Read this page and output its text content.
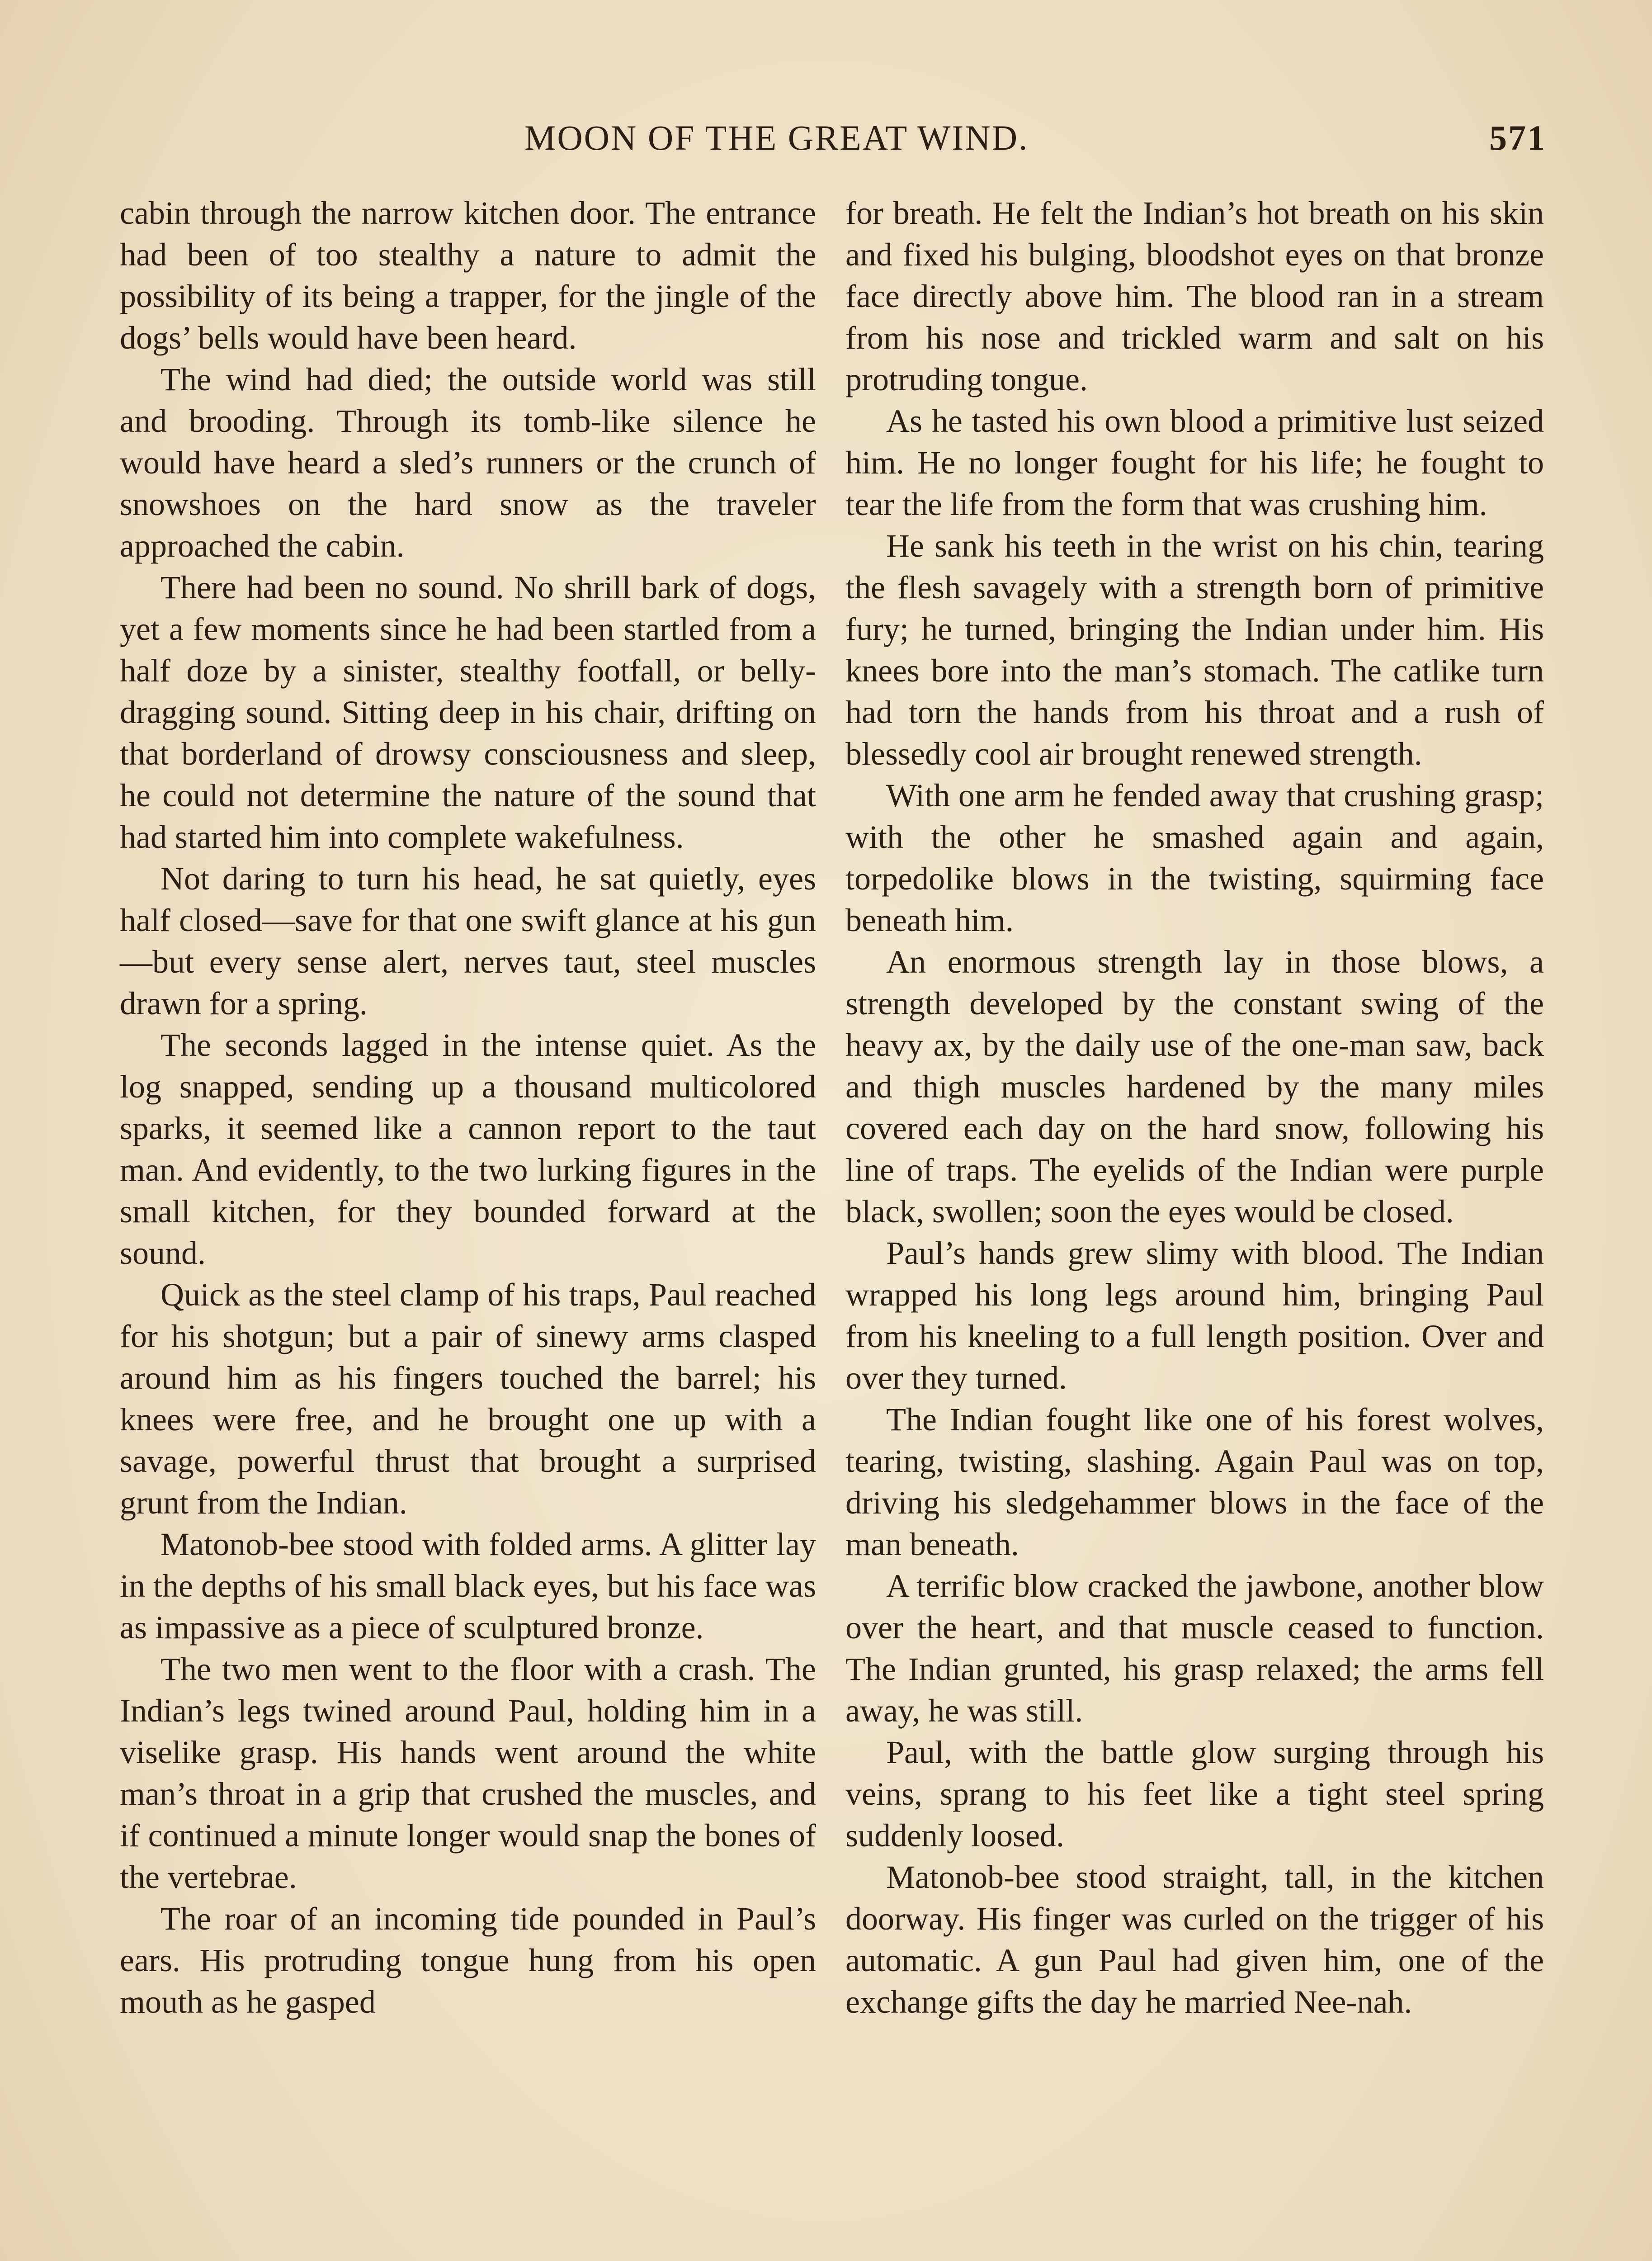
MOON OF THE GREAT WIND.	571

cabin through the narrow kitchen door. The entrance had been of too stealthy a nature to admit the possibility of its being a trapper, for the jingle of the dogs’ bells would have been heard.

The wind had died; the outside world was still and brooding. Through its tomb-like silence he would have heard a sled’s runners or the crunch of snowshoes on the hard snow as the traveler approached the cabin.

There had been no sound. No shrill bark of dogs, yet a few moments since he had been startled from a half doze by a sinister, stealthy footfall, or belly-dragging sound. Sitting deep in his chair, drifting on that borderland of drowsy consciousness and sleep, he could not determine the nature of the sound that had started him into complete wakefulness.

Not daring to turn his head, he sat quietly, eyes half closed—save for that one swift glance at his gun—but every sense alert, nerves taut, steel muscles drawn for a spring.

The seconds lagged in the intense quiet. As the log snapped, sending up a thousand multicolored sparks, it seemed like a cannon report to the taut man. And evidently, to the two lurking figures in the small kitchen, for they bounded forward at the sound.

Quick as the steel clamp of his traps, Paul reached for his shotgun; but a pair of sinewy arms clasped around him as his fingers touched the barrel; his knees were free, and he brought one up with a savage, powerful thrust that brought a surprised grunt from the Indian.

Matonob-bee stood with folded arms. A glitter lay in the depths of his small black eyes, but his face was as impassive as a piece of sculptured bronze.

The two men went to the floor with a crash. The Indian’s legs twined around Paul, holding him in a viselike grasp. His hands went around the white man’s throat in a grip that crushed the muscles, and if continued a minute longer would snap the bones of the vertebrae.

The roar of an incoming tide pounded in Paul’s ears. His protruding tongue hung from his open mouth as he gasped

for breath. He felt the Indian’s hot breath on his skin and fixed his bulging, bloodshot eyes on that bronze face directly above him. The blood ran in a stream from his nose and trickled warm and salt on his protruding tongue.

As he tasted his own blood a primitive lust seized him. He no longer fought for his life; he fought to tear the life from the form that was crushing him.

He sank his teeth in the wrist on his chin, tearing the flesh savagely with a strength born of primitive fury; he turned, bringing the Indian under him. His knees bore into the man’s stomach. The catlike turn had torn the hands from his throat and a rush of blessedly cool air brought renewed strength.

With one arm he fended away that crushing grasp; with the other he smashed again and again, torpedolike blows in the twisting, squirming face beneath him.

An enormous strength lay in those blows, a strength developed by the constant swing of the heavy ax, by the daily use of the one-man saw, back and thigh muscles hardened by the many miles covered each day on the hard snow, following his line of traps. The eyelids of the Indian were purple black, swollen; soon the eyes would be closed.

Paul’s hands grew slimy with blood. The Indian wrapped his long legs around him, bringing Paul from his kneeling to a full length position. Over and over they turned.

The Indian fought like one of his forest wolves, tearing, twisting, slashing. Again Paul was on top, driving his sledgehammer blows in the face of the man beneath.

A terrific blow cracked the jawbone, another blow over the heart, and that muscle ceased to function. The Indian grunted, his grasp relaxed; the arms fell away, he was still.

Paul, with the battle glow surging through his veins, sprang to his feet like a tight steel spring suddenly loosed.

Matonob-bee stood straight, tall, in the kitchen doorway. His finger was curled on the trigger of his automatic. A gun Paul had given him, one of the exchange gifts the day he married Nee-nah.
